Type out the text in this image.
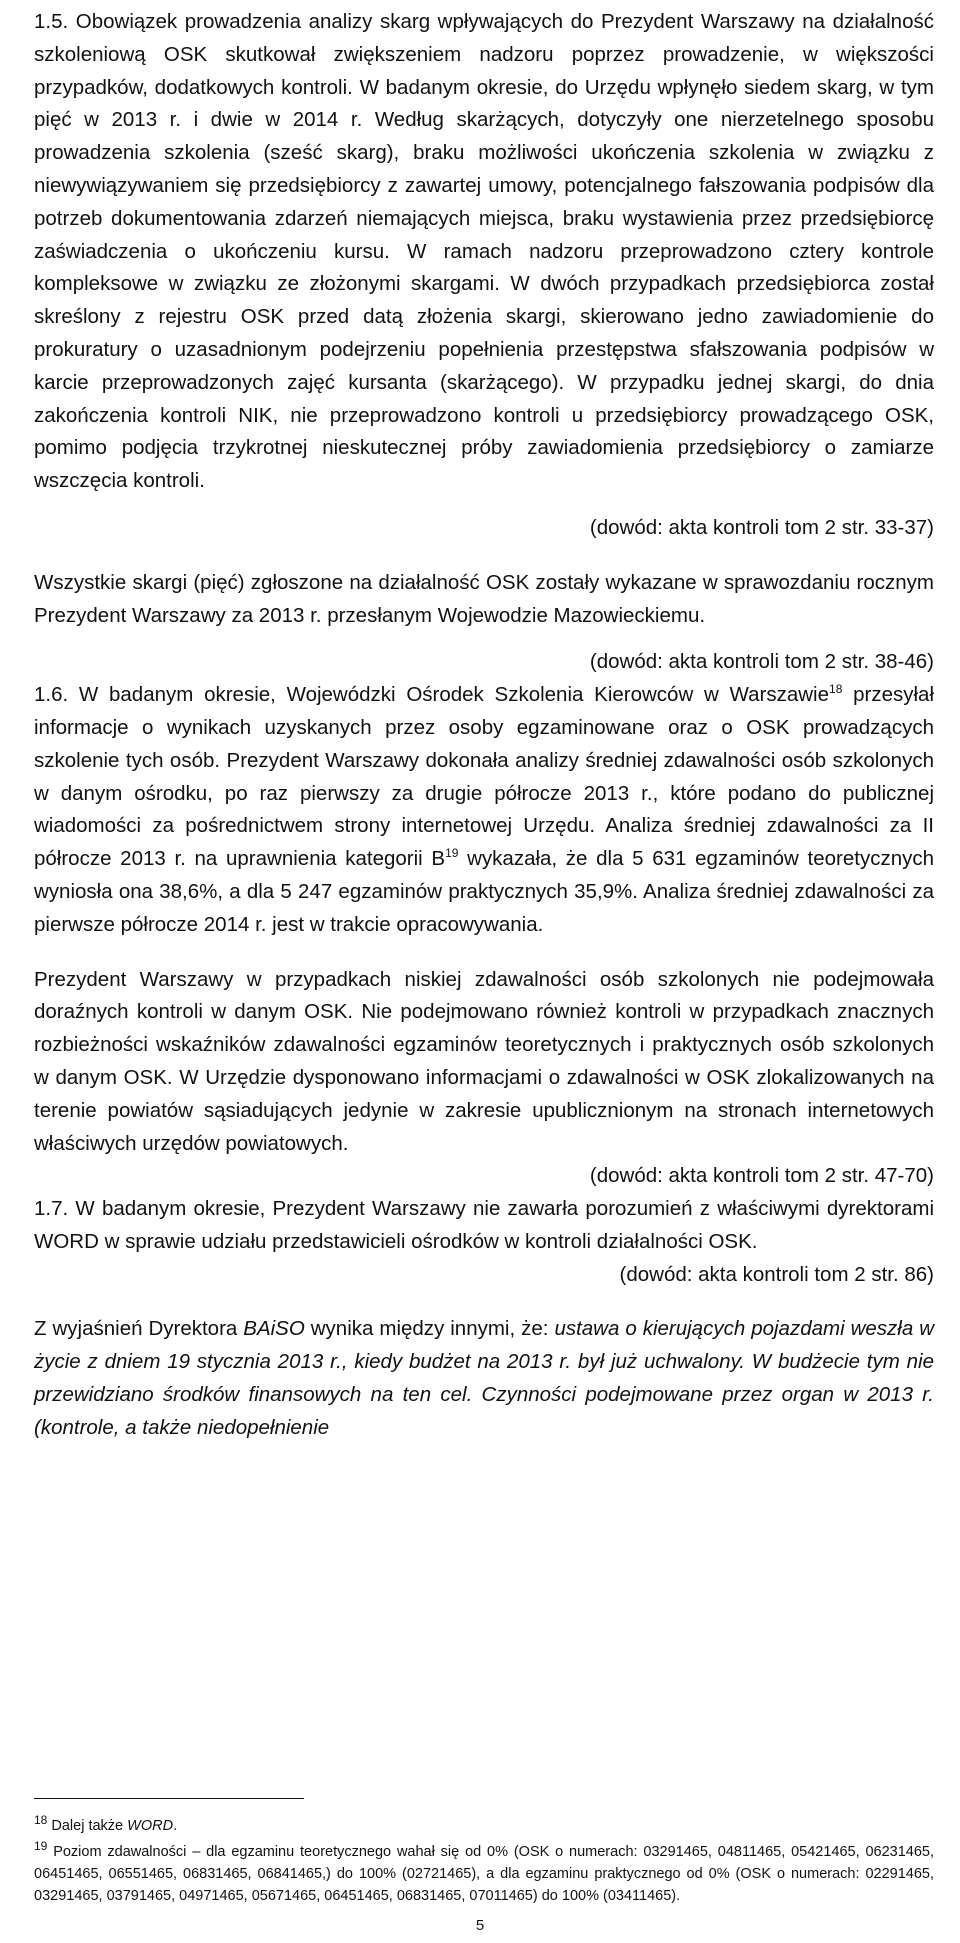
1.5. Obowiązek prowadzenia analizy skarg wpływających do Prezydent Warszawy na działalność szkoleniową OSK skutkował zwiększeniem nadzoru poprzez prowadzenie, w większości przypadków, dodatkowych kontroli. W badanym okresie, do Urzędu wpłynęło siedem skarg, w tym pięć w 2013 r. i dwie w 2014 r. Według skarżących, dotyczyły one nierzetelnego sposobu prowadzenia szkolenia (sześć skarg), braku możliwości ukończenia szkolenia w związku z niewywiązywaniem się przedsiębiorcy z zawartej umowy, potencjalnego fałszowania podpisów dla potrzeb dokumentowania zdarzeń niemających miejsca, braku wystawienia przez przedsiębiorcę zaświadczenia o ukończeniu kursu. W ramach nadzoru przeprowadzono cztery kontrole kompleksowe w związku ze złożonymi skargami. W dwóch przypadkach przedsiębiorca został skreślony z rejestru OSK przed datą złożenia skargi, skierowano jedno zawiadomienie do prokuratury o uzasadnionym podejrzeniu popełnienia przestępstwa sfałszowania podpisów w karcie przeprowadzonych zajęć kursanta (skarżącego). W przypadku jednej skargi, do dnia zakończenia kontroli NIK, nie przeprowadzono kontroli u przedsiębiorcy prowadzącego OSK, pomimo podjęcia trzykrotnej nieskutecznej próby zawiadomienia przedsiębiorcy o zamiarze wszczęcia kontroli.

(dowód: akta kontroli tom 2 str. 33-37)

Wszystkie skargi (pięć) zgłoszone na działalność OSK zostały wykazane w sprawozdaniu rocznym Prezydent Warszawy za 2013 r. przesłanym Wojewodzie Mazowieckiemu.

(dowód: akta kontroli tom 2 str. 38-46)

1.6. W badanym okresie, Wojewódzki Ośrodek Szkolenia Kierowców w Warszawie$^{18}$ przesyłał informacje o wynikach uzyskanych przez osoby egzaminowane oraz o OSK prowadzących szkolenie tych osób. Prezydent Warszawy dokonała analizy średniej zdawalności osób szkolonych w danym ośrodku, po raz pierwszy za drugie półrocze 2013 r., które podano do publicznej wiadomości za pośrednictwem strony internetowej Urzędu. Analiza średniej zdawalności za II półrocze 2013 r. na uprawnienia kategorii $B^{19}$ wykazała, że dla 5 631 egzaminów teoretycznych wyniosła ona 38,6%, a dla 5 247 egzaminów praktycznych 35,9%. Analiza średniej zdawalności za pierwsze półrocze 2014 r. jest w trakcie opracowywania.

Prezydent Warszawy w przypadkach niskiej zdawalności osób szkolonych nie podejmowała doraźnych kontroli w danym OSK. Nie podejmowano również kontroli w przypadkach znacznych rozbieżności wskaźników zdawalności egzaminów teoretycznych i praktycznych osób szkolonych w danym OSK. W Urzędzie dysponowano informacjami o zdawalności w OSK zlokalizowanych na terenie powiatów sąsiadujących jedynie w zakresie upublicznionym na stronach internetowych właściwych urzędów powiatowych.

(dowód: akta kontroli tom 2 str. 47-70)

1.7. W badanym okresie, Prezydent Warszawy nie zawarła porozumień z właściwymi dyrektorami WORD w sprawie udziału przedstawicieli ośrodków w kontroli działalności OSK.

(dowód: akta kontroli tom 2 str. 86)

Z wyjaśnień Dyrektora BAiSO wynika między innymi, że: ustawa o kierujących pojazdami weszła w życie z dniem 19 stycznia 2013 r., kiedy budżet na 2013 r. był już uchwalony. W budżecie tym nie przewidziano środków finansowych na ten cel. Czynności podejmowane przez organ w 2013 r. (kontrole, a także niedopełnienie

$^{18}$ Dalej także WORD.

$^{19}$ Poziom zdawalności – dla egzaminu teoretycznego wahał się od 0% (OSK o numerach: 03291465, 04811465, 05421465, 06231465, 06451465, 06551465, 06831465, 06841465,) do 100% (02721465), a dla egzaminu praktycznego od 0% (OSK o numerach: 02291465, 03291465, 03791465, 04971465, 05671465, 06451465, 06831465, 07011465) do 100% (03411465).

5
